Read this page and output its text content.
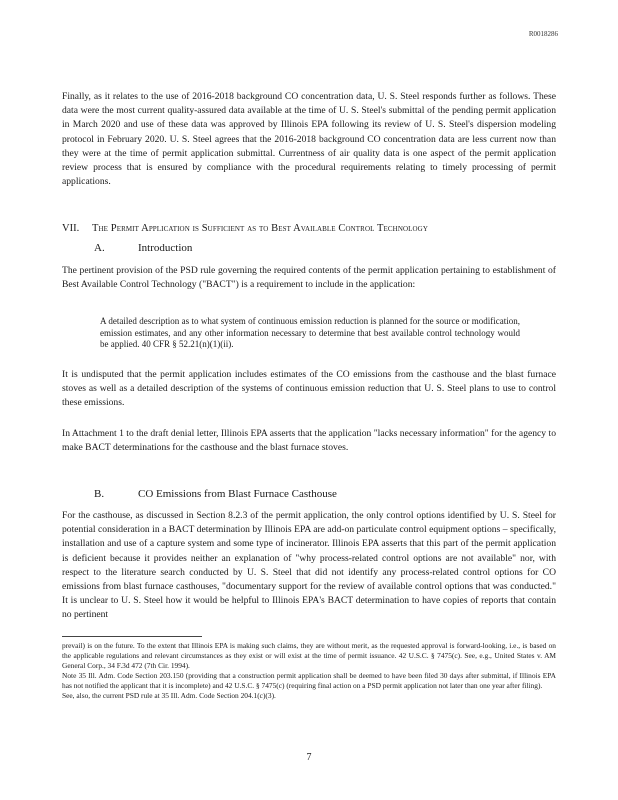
R0018286

Finally, as it relates to the use of 2016-2018 background CO concentration data, U. S. Steel responds further as follows. These data were the most current quality-assured data available at the time of U. S. Steel's submittal of the pending permit application in March 2020 and use of these data was approved by Illinois EPA following its review of U. S. Steel's dispersion modeling protocol in February 2020. U. S. Steel agrees that the 2016-2018 background CO concentration data are less current now than they were at the time of permit application submittal. Currentness of air quality data is one aspect of the permit application review process that is ensured by compliance with the procedural requirements relating to timely processing of permit applications.

VII. The Permit Application is Sufficient as to Best Available Control Technology
A.	Introduction

The pertinent provision of the PSD rule governing the required contents of the permit application pertaining to establishment of Best Available Control Technology ("BACT") is a requirement to include in the application:

A detailed description as to what system of continuous emission reduction is planned for the source or modification, emission estimates, and any other information necessary to determine that best available control technology would be applied. 40 CFR § 52.21(n)(1)(ii).

It is undisputed that the permit application includes estimates of the CO emissions from the casthouse and the blast furnace stoves as well as a detailed description of the systems of continuous emission reduction that U. S. Steel plans to use to control these emissions.

In Attachment 1 to the draft denial letter, Illinois EPA asserts that the application "lacks necessary information" for the agency to make BACT determinations for the casthouse and the blast furnace stoves.

B.	CO Emissions from Blast Furnace Casthouse

For the casthouse, as discussed in Section 8.2.3 of the permit application, the only control options identified by U. S. Steel for potential consideration in a BACT determination by Illinois EPA are add-on particulate control equipment options – specifically, installation and use of a capture system and some type of incinerator. Illinois EPA asserts that this part of the permit application is deficient because it provides neither an explanation of "why process-related control options are not available" nor, with respect to the literature search conducted by U. S. Steel that did not identify any process-related control options for CO emissions from blast furnace casthouses, "documentary support for the review of available control options that was conducted." It is unclear to U. S. Steel how it would be helpful to Illinois EPA's BACT determination to have copies of reports that contain no pertinent

prevail) is on the future. To the extent that Illinois EPA is making such claims, they are without merit, as the requested approval is forward-looking, i.e., is based on the applicable regulations and relevant circumstances as they exist or will exist at the time of permit issuance. 42 U.S.C. § 7475(c). See, e.g., United States v. AM General Corp., 34 F.3d 472 (7th Cir. 1994).

Note 35 Ill. Adm. Code Section 203.150 (providing that a construction permit application shall be deemed to have been filed 30 days after submittal, if Illinois EPA has not notified the applicant that it is incomplete) and 42 U.S.C. § 7475(c) (requiring final action on a PSD permit application not later than one year after filing).

See, also, the current PSD rule at 35 Ill. Adm. Code Section 204.1(c)(3).

7
